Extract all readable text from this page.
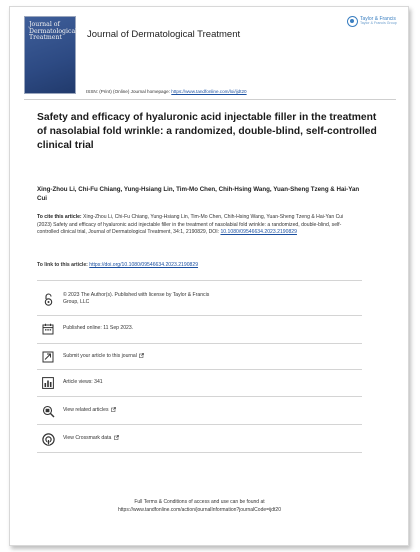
Journal of
Dermatological
Treatment	Journal of Dermatological Treatment
Taylor & Francis
Taylor & Francis Group
ISSN: (Print) (Online) Journal homepage: https://www.tandfonline.com/loi/ijdt20
Safety and efficacy of hyaluronic acid injectable filler in the treatment of nasolabial fold wrinkle: a randomized, double-blind, self-controlled clinical trial
Xing-Zhou Li, Chi-Fu Chiang, Yung-Hsiang Lin, Tim-Mo Chen, Chih-Hsing Wang, Yuan-Sheng Tzeng & Hai-Yan Cui
To cite this article: Xing-Zhou Li, Chi-Fu Chiang, Yung-Hsiang Lin, Tim-Mo Chen, Chih-Hsing Wang, Yuan-Sheng Tzeng & Hai-Yan Cui (2023) Safety and efficacy of hyaluronic acid injectable filler in the treatment of nasolabial fold wrinkle: a randomized, double-blind, self-controlled clinical trial, Journal of Dermatological Treatment, 34:1, 2190829, DOI: 10.1080/09546634.2023.2190829
To link to this article: https://doi.org/10.1080/09546634.2023.2190829
© 2023 The Author(s). Published with license by Taylor & Francis Group, LLC
Published online: 11 Sep 2023.
Submit your article to this journal
Article views: 341
View related articles
View Crossmark data
Full Terms & Conditions of access and use can be found at
https://www.tandfonline.com/action/journalInformation?journalCode=ijdt20
